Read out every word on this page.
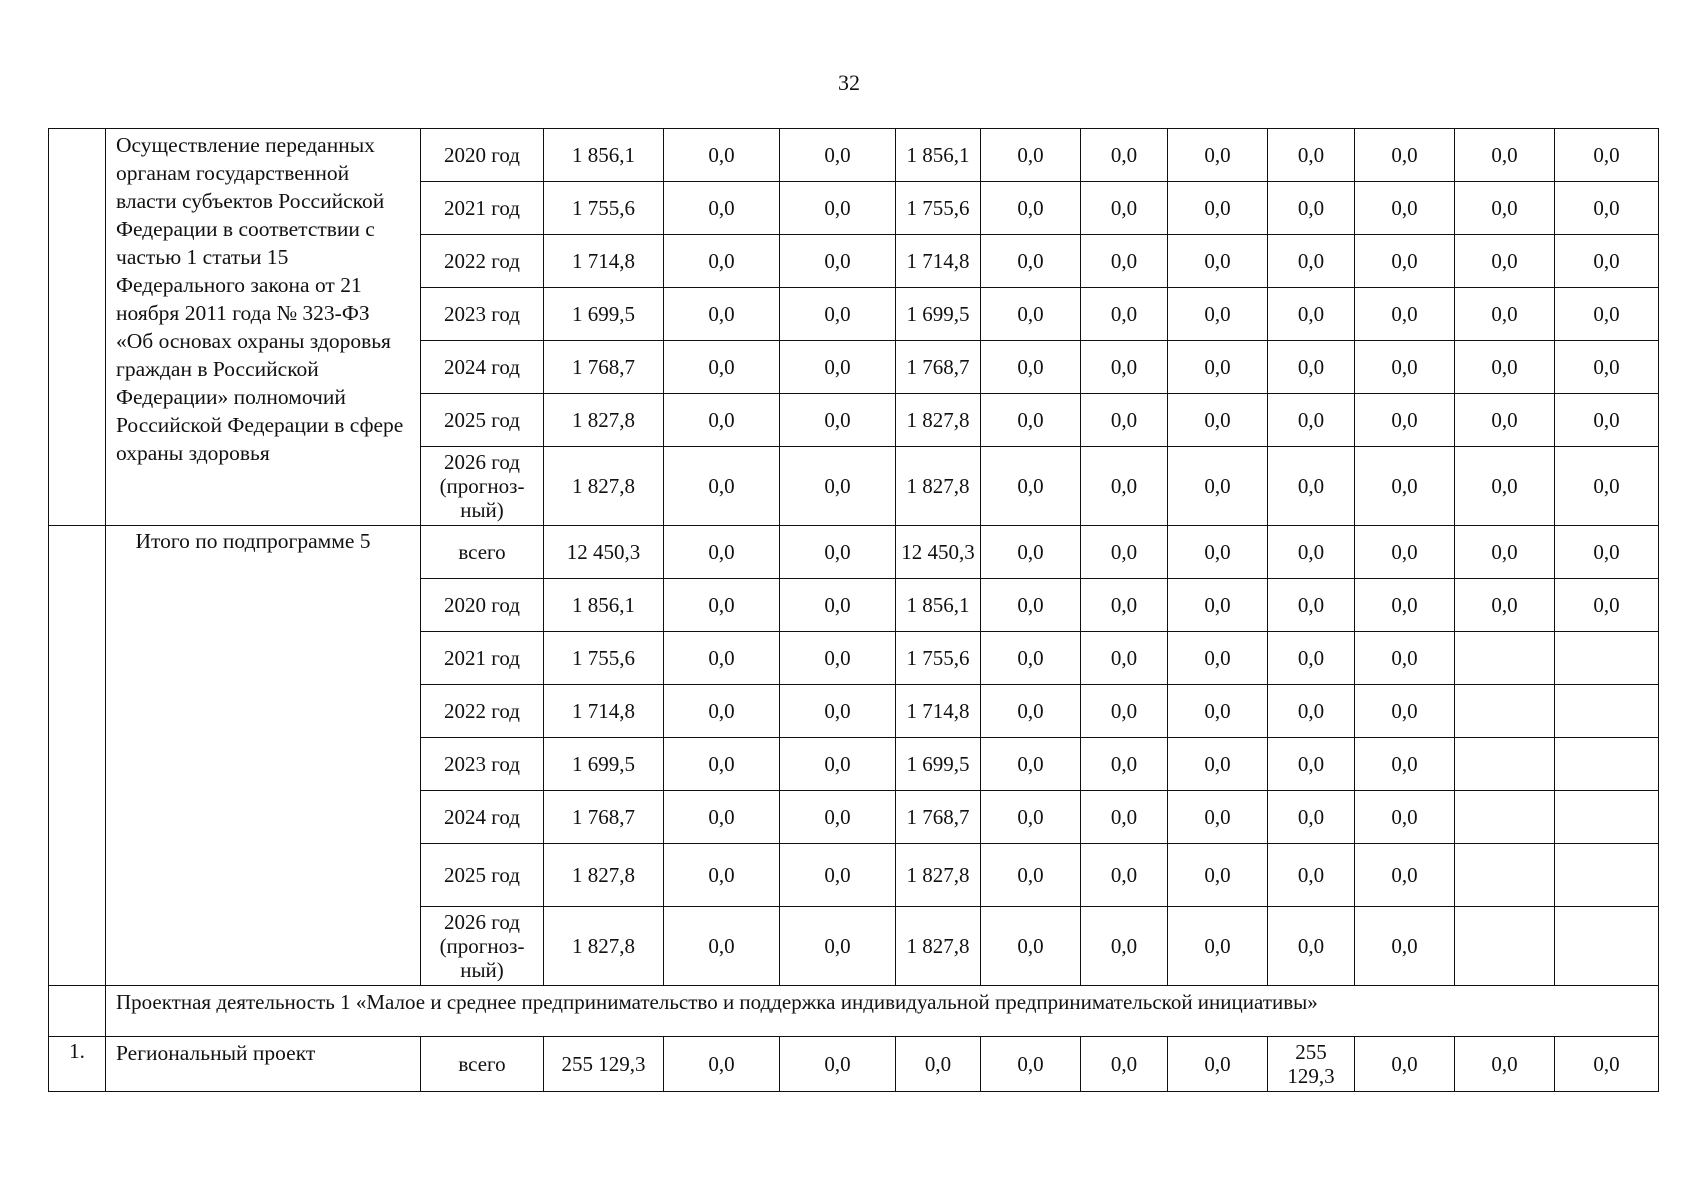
32
	Осуществление переданных органам государственной власти субъектов Российской Федерации в соответствии с частью 1 статьи 15 Федерального закона от 21 ноября 2011 года № 323-ФЗ «Об основах охраны здоровья граждан в Российской Федерации» полномочий Российской Федерации в сфере охраны здоровья	2020 год	1 856,1	0,0	0,0	1 856,1	0,0	0,0	0,0	0,0	0,0	0,0	0,0
		2021 год	1 755,6	0,0	0,0	1 755,6	0,0	0,0	0,0	0,0	0,0	0,0	0,0
		2022 год	1 714,8	0,0	0,0	1 714,8	0,0	0,0	0,0	0,0	0,0	0,0	0,0
		2023 год	1 699,5	0,0	0,0	1 699,5	0,0	0,0	0,0	0,0	0,0	0,0	0,0
		2024 год	1 768,7	0,0	0,0	1 768,7	0,0	0,0	0,0	0,0	0,0	0,0	0,0
		2025 год	1 827,8	0,0	0,0	1 827,8	0,0	0,0	0,0	0,0	0,0	0,0	0,0
		2026 год (прогноз-ный)	1 827,8	0,0	0,0	1 827,8	0,0	0,0	0,0	0,0	0,0	0,0	0,0
	Итого по подпрограмме 5	всего	12 450,3	0,0	0,0	12 450,3	0,0	0,0	0,0	0,0	0,0	0,0	0,0
		2020 год	1 856,1	0,0	0,0	1 856,1	0,0	0,0	0,0	0,0	0,0	0,0	0,0
		2021 год	1 755,6	0,0	0,0	1 755,6	0,0	0,0	0,0	0,0	0,0		
		2022 год	1 714,8	0,0	0,0	1 714,8	0,0	0,0	0,0	0,0	0,0		
		2023 год	1 699,5	0,0	0,0	1 699,5	0,0	0,0	0,0	0,0	0,0		
		2024 год	1 768,7	0,0	0,0	1 768,7	0,0	0,0	0,0	0,0	0,0		
		2025 год	1 827,8	0,0	0,0	1 827,8	0,0	0,0	0,0	0,0	0,0		
		2026 год (прогноз-ный)	1 827,8	0,0	0,0	1 827,8	0,0	0,0	0,0	0,0	0,0		
	Проектная деятельность 1 «Малое и среднее предпринимательство и поддержка индивидуальной предпринимательской инициативы»												
1.	Региональный проект	всего	255 129,3	0,0	0,0	0,0	0,0	0,0	0,0	255 129,3	0,0	0,0	0,0
